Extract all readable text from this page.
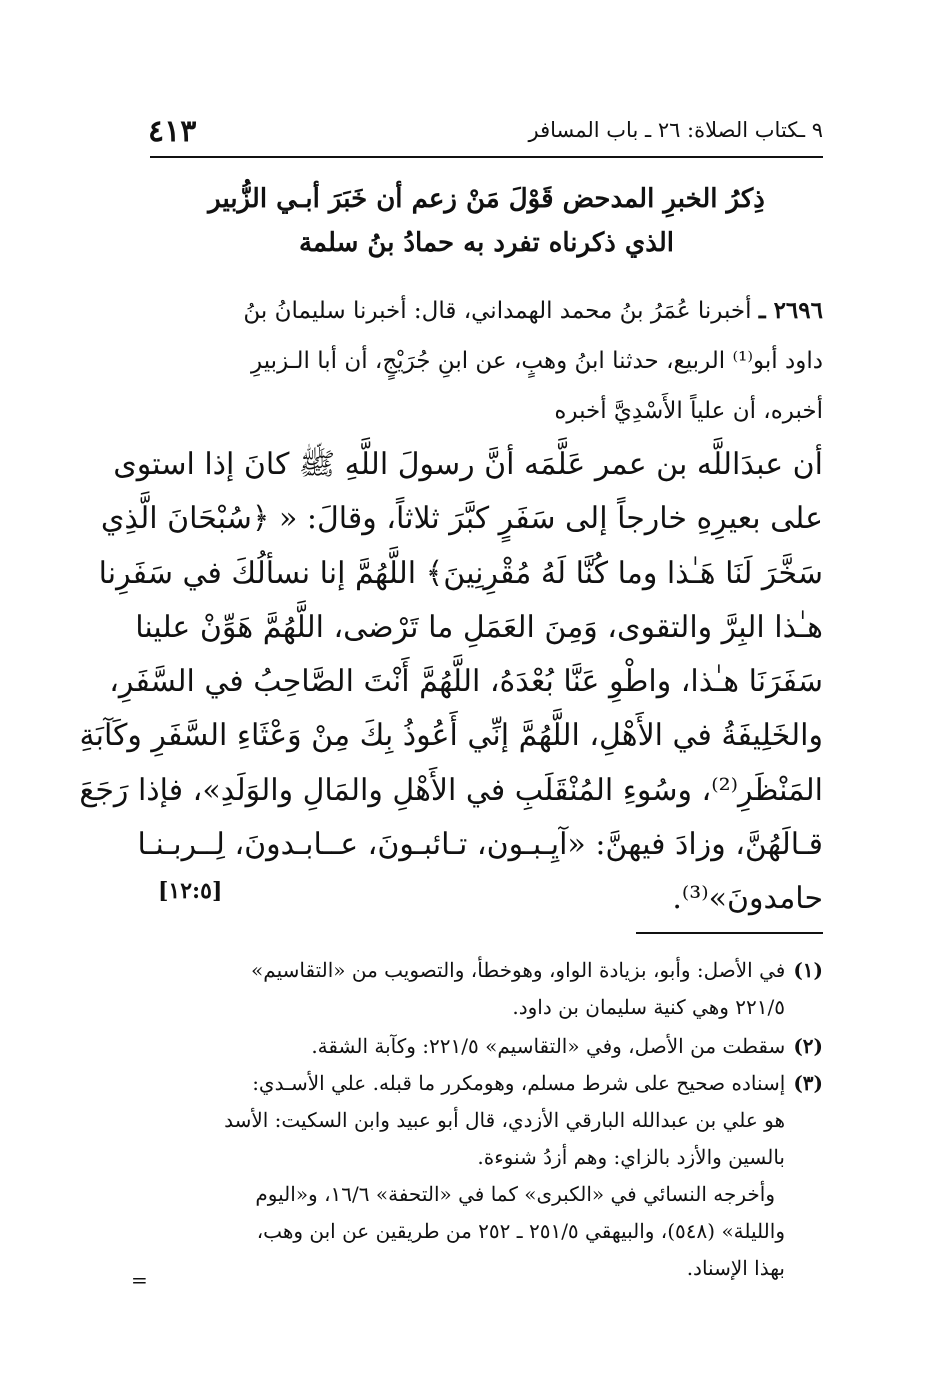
٤١٣	٩ ـكتاب الصلاة: ٢٦ ـ باب المسافر
ذِكرُ الخبرِ المدحض قَوْلَ مَنْ زعم أن خَبَرَ أبـي الزُّبير
الذي ذكرناه تفرد به حمادُ بنُ سلمة
٢٦٩٦ ـ أخبرنا عُمَرُ بنُ محمد الهمداني، قال: أخبرنا سليمانُ بنُ
داود أبو⁽¹⁾ الربيع، حدثنا ابنُ وهبٍ، عن ابنِ جُرَيْجٍ، أن أبا الـزبيرِ
أخبره، أن علياً الأَسْدِيَّ أخبره
أن عبدَاللَّه بن عمر عَلَّمَه أنَّ رسولَ اللَّهِ ﷺ كانَ إذا استوى
على بعيرِهِ خارجاً إلى سَفَرٍ كبَّرَ ثلاثاً، وقالَ: « ﴿سُبْحَانَ الَّذِي
سَخَّرَ لَنَا هَـٰذا وما كُنَّا لَهُ مُقْرِنِينَ﴾ اللَّهُمَّ إنا نسألُكَ في سَفَرِنا
هـٰذا البِرَّ والتقوى، وَمِنَ العَمَلِ ما تَرْضى، اللَّهُمَّ هَوِّنْ علينا
سَفَرَنَا هـٰذا، واطْوِ عَنَّا بُعْدَهُ، اللَّهُمَّ أَنْتَ الصَّاحِبُ في السَّفَرِ،
والخَلِيفَةُ في الأَهْلِ، اللَّهُمَّ إنِّي أَعُوذُ بِكَ مِنْ وَعْثَاءِ السَّفَرِ وكَآبَةِ
المَنْظَرِ⁽²⁾، وسُوءِ المُنْقَلَبِ في الأَهْلِ والمَالِ والوَلَدِ»، فإذا رَجَعَ
قـالَهُنَّ، وزادَ فيهنَّ: «آيِـبـون، تـائبـونَ، عــابـدونَ، لِــربـنـا
حامدونَ»⁽³⁾.
[١٢:٥]
(١)في الأصل: وأبو، بزيادة الواو، وهوخطأ، والتصويب من «التقاسيم»
٢٢١/٥ وهي كنية سليمان بن داود.
(٢)سقطت من الأصل، وفي «التقاسيم» ٢٢١/٥: وكآبة الشقة.
(٣)إسناده صحيح على شرط مسلم، وهومكرر ما قبله. علي الأسـدي:
هو علي بن عبدالله البارقي الأزدي، قال أبو عبيد وابن السكيت: الأسد
بالسين والأزد بالزاي: وهم أزدُ شنوءة.
وأخرجه النسائي في «الكبرى» كما في «التحفة» ١٦/٦، و«اليوم
والليلة» (٥٤٨)، والبيهقي ٢٥١/٥ ـ ٢٥٢ من طريقين عن ابن وهب،
بهذا الإسناد.
=
